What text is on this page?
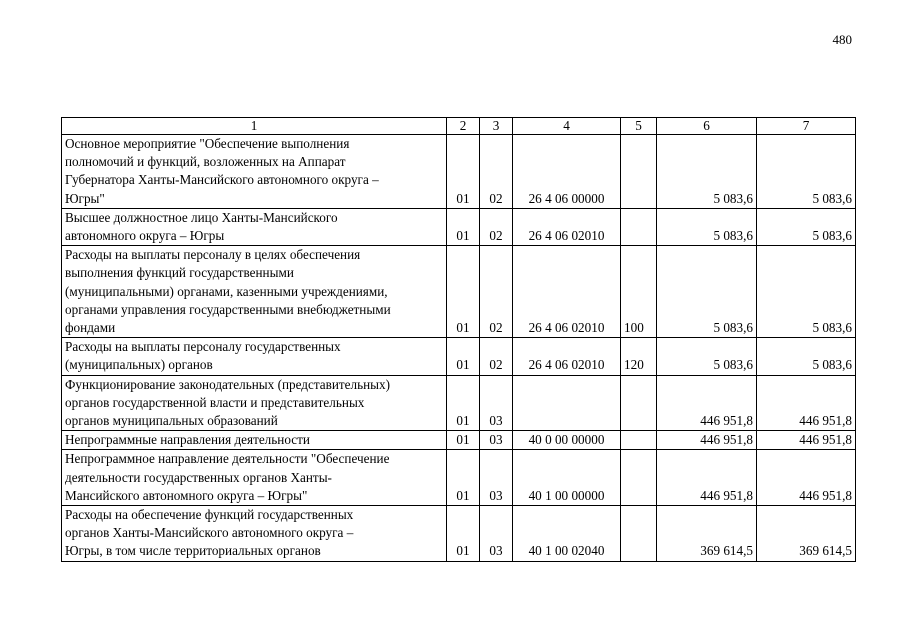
480
1	2	3	4	5	6	7

Основное мероприятие "Обеспечение выполнения
полномочий и функций, возложенных на Аппарат
Губернатора Ханты-Мансийского автономного округа –
Югры"	01	02	26 4 06 00000		5 083,6	5 083,6

Высшее должностное лицо Ханты-Мансийского
автономного округа – Югры	01	02	26 4 06 02010		5 083,6	5 083,6

Расходы на выплаты персоналу в целях обеспечения
выполнения функций государственными
(муниципальными) органами, казенными учреждениями,
органами управления государственными внебюджетными
фондами	01	02	26 4 06 02010	100	5 083,6	5 083,6

Расходы на выплаты персоналу государственных
(муниципальных) органов	01	02	26 4 06 02010	120	5 083,6	5 083,6

Функционирование законодательных (представительных)
органов государственной власти и представительных
органов муниципальных образований	01	03			446 951,8	446 951,8

Непрограммные направления деятельности	01	03	40 0 00 00000		446 951,8	446 951,8

Непрограммное направление деятельности "Обеспечение
деятельности государственных органов Ханты-
Мансийского автономного округа – Югры"	01	03	40 1 00 00000		446 951,8	446 951,8

Расходы на обеспечение функций государственных
органов Ханты-Мансийского автономного округа –
Югры, в том числе территориальных органов	01	03	40 1 00 02040		369 614,5	369 614,5
